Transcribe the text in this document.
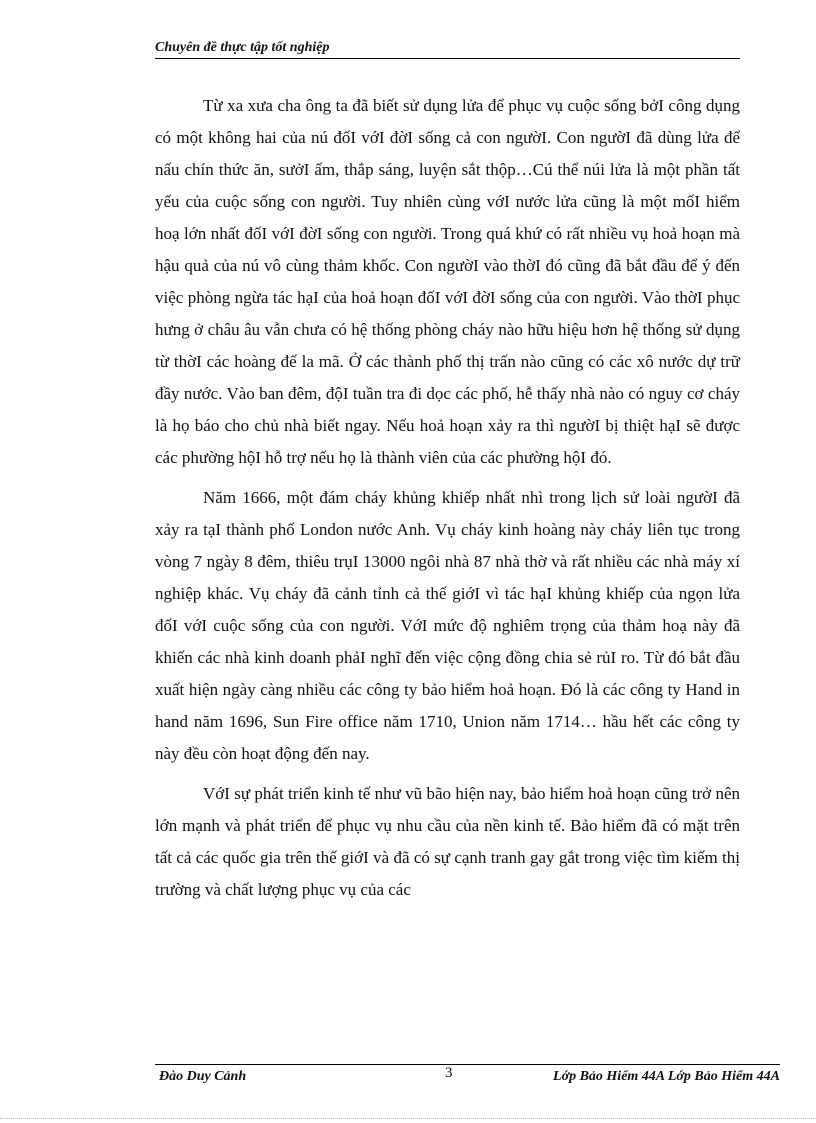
Chuyên đề thực tập tốt nghiệp

Từ xa xưa cha ông ta đã biết sử dụng lửa để phục vụ cuộc sống bởI công dụng có một không hai của nú đốI vớI đờI sống cả con ngườI. Con ngườI đã dùng lửa để nấu chín thức ăn, sưởI ấm, thắp sáng, luyện sắt thộp…Cú thể núi lửa là một phần tất yếu của cuộc sống con người. Tuy nhiên cùng vớI nước lửa cũng là một mốI hiểm hoạ lớn nhất đốI vớI đờI sống con người. Trong quá khứ có rất nhiều vụ hoả hoạn mà hậu quả của nú vô cùng thảm khốc. Con ngườI vào thờI đó cũng đã bắt đầu để ý đến việc phòng ngừa tác hạI của hoả hoạn đốI vớI đờI sống của con người. Vào thờI phục hưng ở châu âu vẫn chưa có hệ thống phòng cháy nào hữu hiệu hơn hệ thống sử dụng từ thờI các hoàng đế la mã. Ở các thành phố thị trấn nào cũng có các xô nước dự trữ đầy nước. Vào ban đêm, độI tuần tra đi dọc các phố, hễ thấy nhà nào có nguy cơ cháy là họ báo cho chủ nhà biết ngay. Nếu hoả hoạn xảy ra thì ngườI bị thiệt hạI sẽ được các phường hộI hỗ trợ nếu họ là thành viên của các phường hộI đó.

Năm 1666, một đám cháy khủng khiếp nhất nhì trong lịch sử loài ngườI đã xảy ra tạI thành phố London nước Anh. Vụ cháy kinh hoàng này cháy liên tục trong vòng 7 ngày 8 đêm, thiêu trụI 13000 ngôi nhà 87 nhà thờ và rất nhiều các nhà máy xí nghiệp khác. Vụ cháy đã cảnh tỉnh cả thế giớI vì tác hạI khủng khiếp của ngọn lửa đốI vớI cuộc sống của con người. VớI mức độ nghiêm trọng của thảm hoạ này đã khiến các nhà kinh doanh phảI nghĩ đến việc cộng đồng chia sẻ rủI ro. Từ đó bắt đầu xuất hiện ngày càng nhiều các công ty bảo hiểm hoả hoạn. Đó là các công ty Hand in hand năm 1696, Sun Fire office năm 1710, Union năm 1714… hầu hết các công ty này đều còn hoạt động đến nay.

VớI sự phát triển kinh tế như vũ bão hiện nay, bảo hiểm hoả hoạn cũng trở nên lớn mạnh và phát triển để phục vụ nhu cầu của nền kinh tế. Bảo hiểm đã có mặt trên tất cả các quốc gia trên thế giớI và đã có sự cạnh tranh gay gắt trong việc tìm kiếm thị trường và chất lượng phục vụ của các

Đào Duy Cảnh	3	Lớp Bảo Hiểm 44A Lớp Bảo Hiểm 44A
